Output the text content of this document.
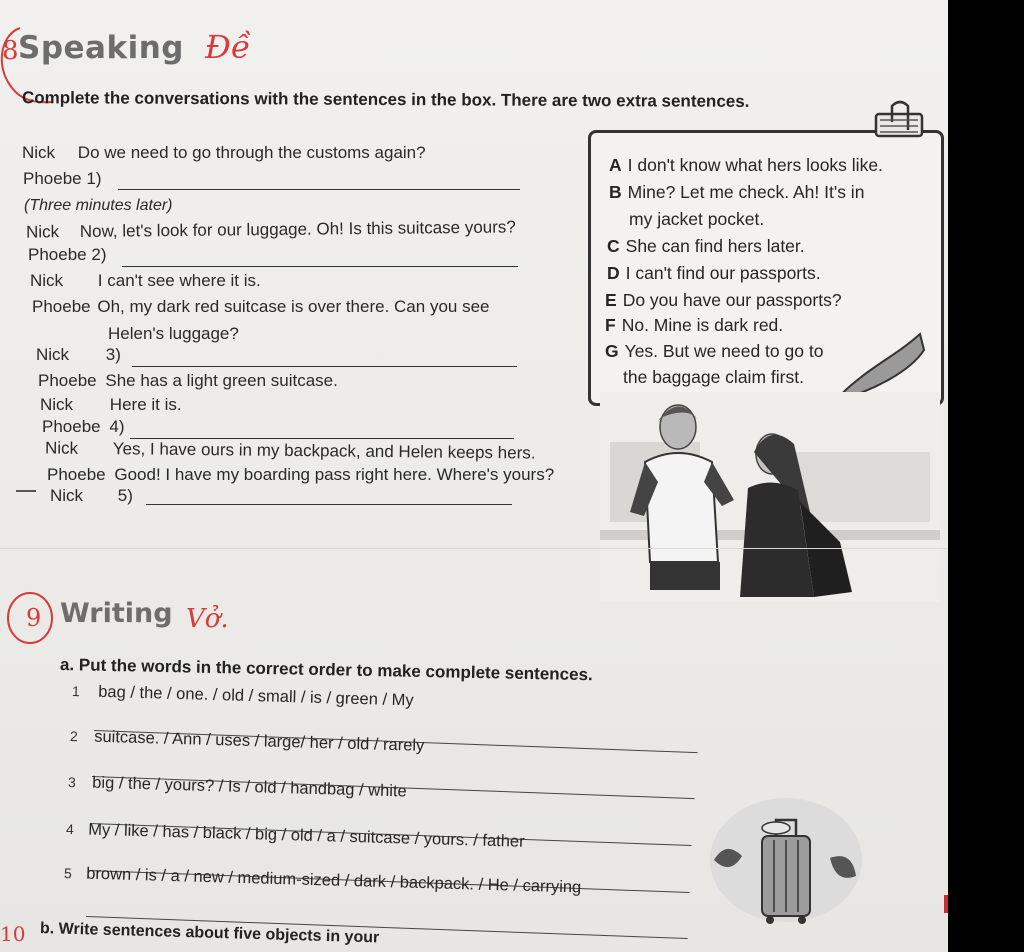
8 Speaking Đề
Complete the conversations with the sentences in the box. There are two extra sentences.
Nick Do we need to go through the customs again?
Phoebe 1)
(Three minutes later)
Nick Now, let's look for our luggage. Oh! Is this suitcase yours?
Phoebe 2)
Nick I can't see where it is.
Phoebe Oh, my dark red suitcase is over there. Can you see
Helen's luggage?
Nick 3)
Phoebe She has a light green suitcase.
Nick Here it is.
Phoebe 4)
Nick Yes, I have ours in my backpack, and Helen keeps hers.
Phoebe Good! I have my boarding pass right here. Where's yours?
Nick 5)
A I don't know what hers looks like.
B Mine? Let me check. Ah! It's in
my jacket pocket.
C She can find hers later.
D I can't find our passports.
E Do you have our passports?
F No. Mine is dark red.
G Yes. But we need to go to
the baggage claim first.
9 Writing Vở.
a. Put the words in the correct order to make complete sentences.
1 bag / the / one. / old / small / is / green / My
2 suitcase. / Ann / uses / large/ her / old / rarely
3 big / the / yours? / Is / old / handbag / white
4 My / like / has / black / big / old / a / suitcase / yours. / father
5 brown / is / a / new / medium-sized / dark / backpack. / He / carrying
10 b. Write sentences about five objects in your
